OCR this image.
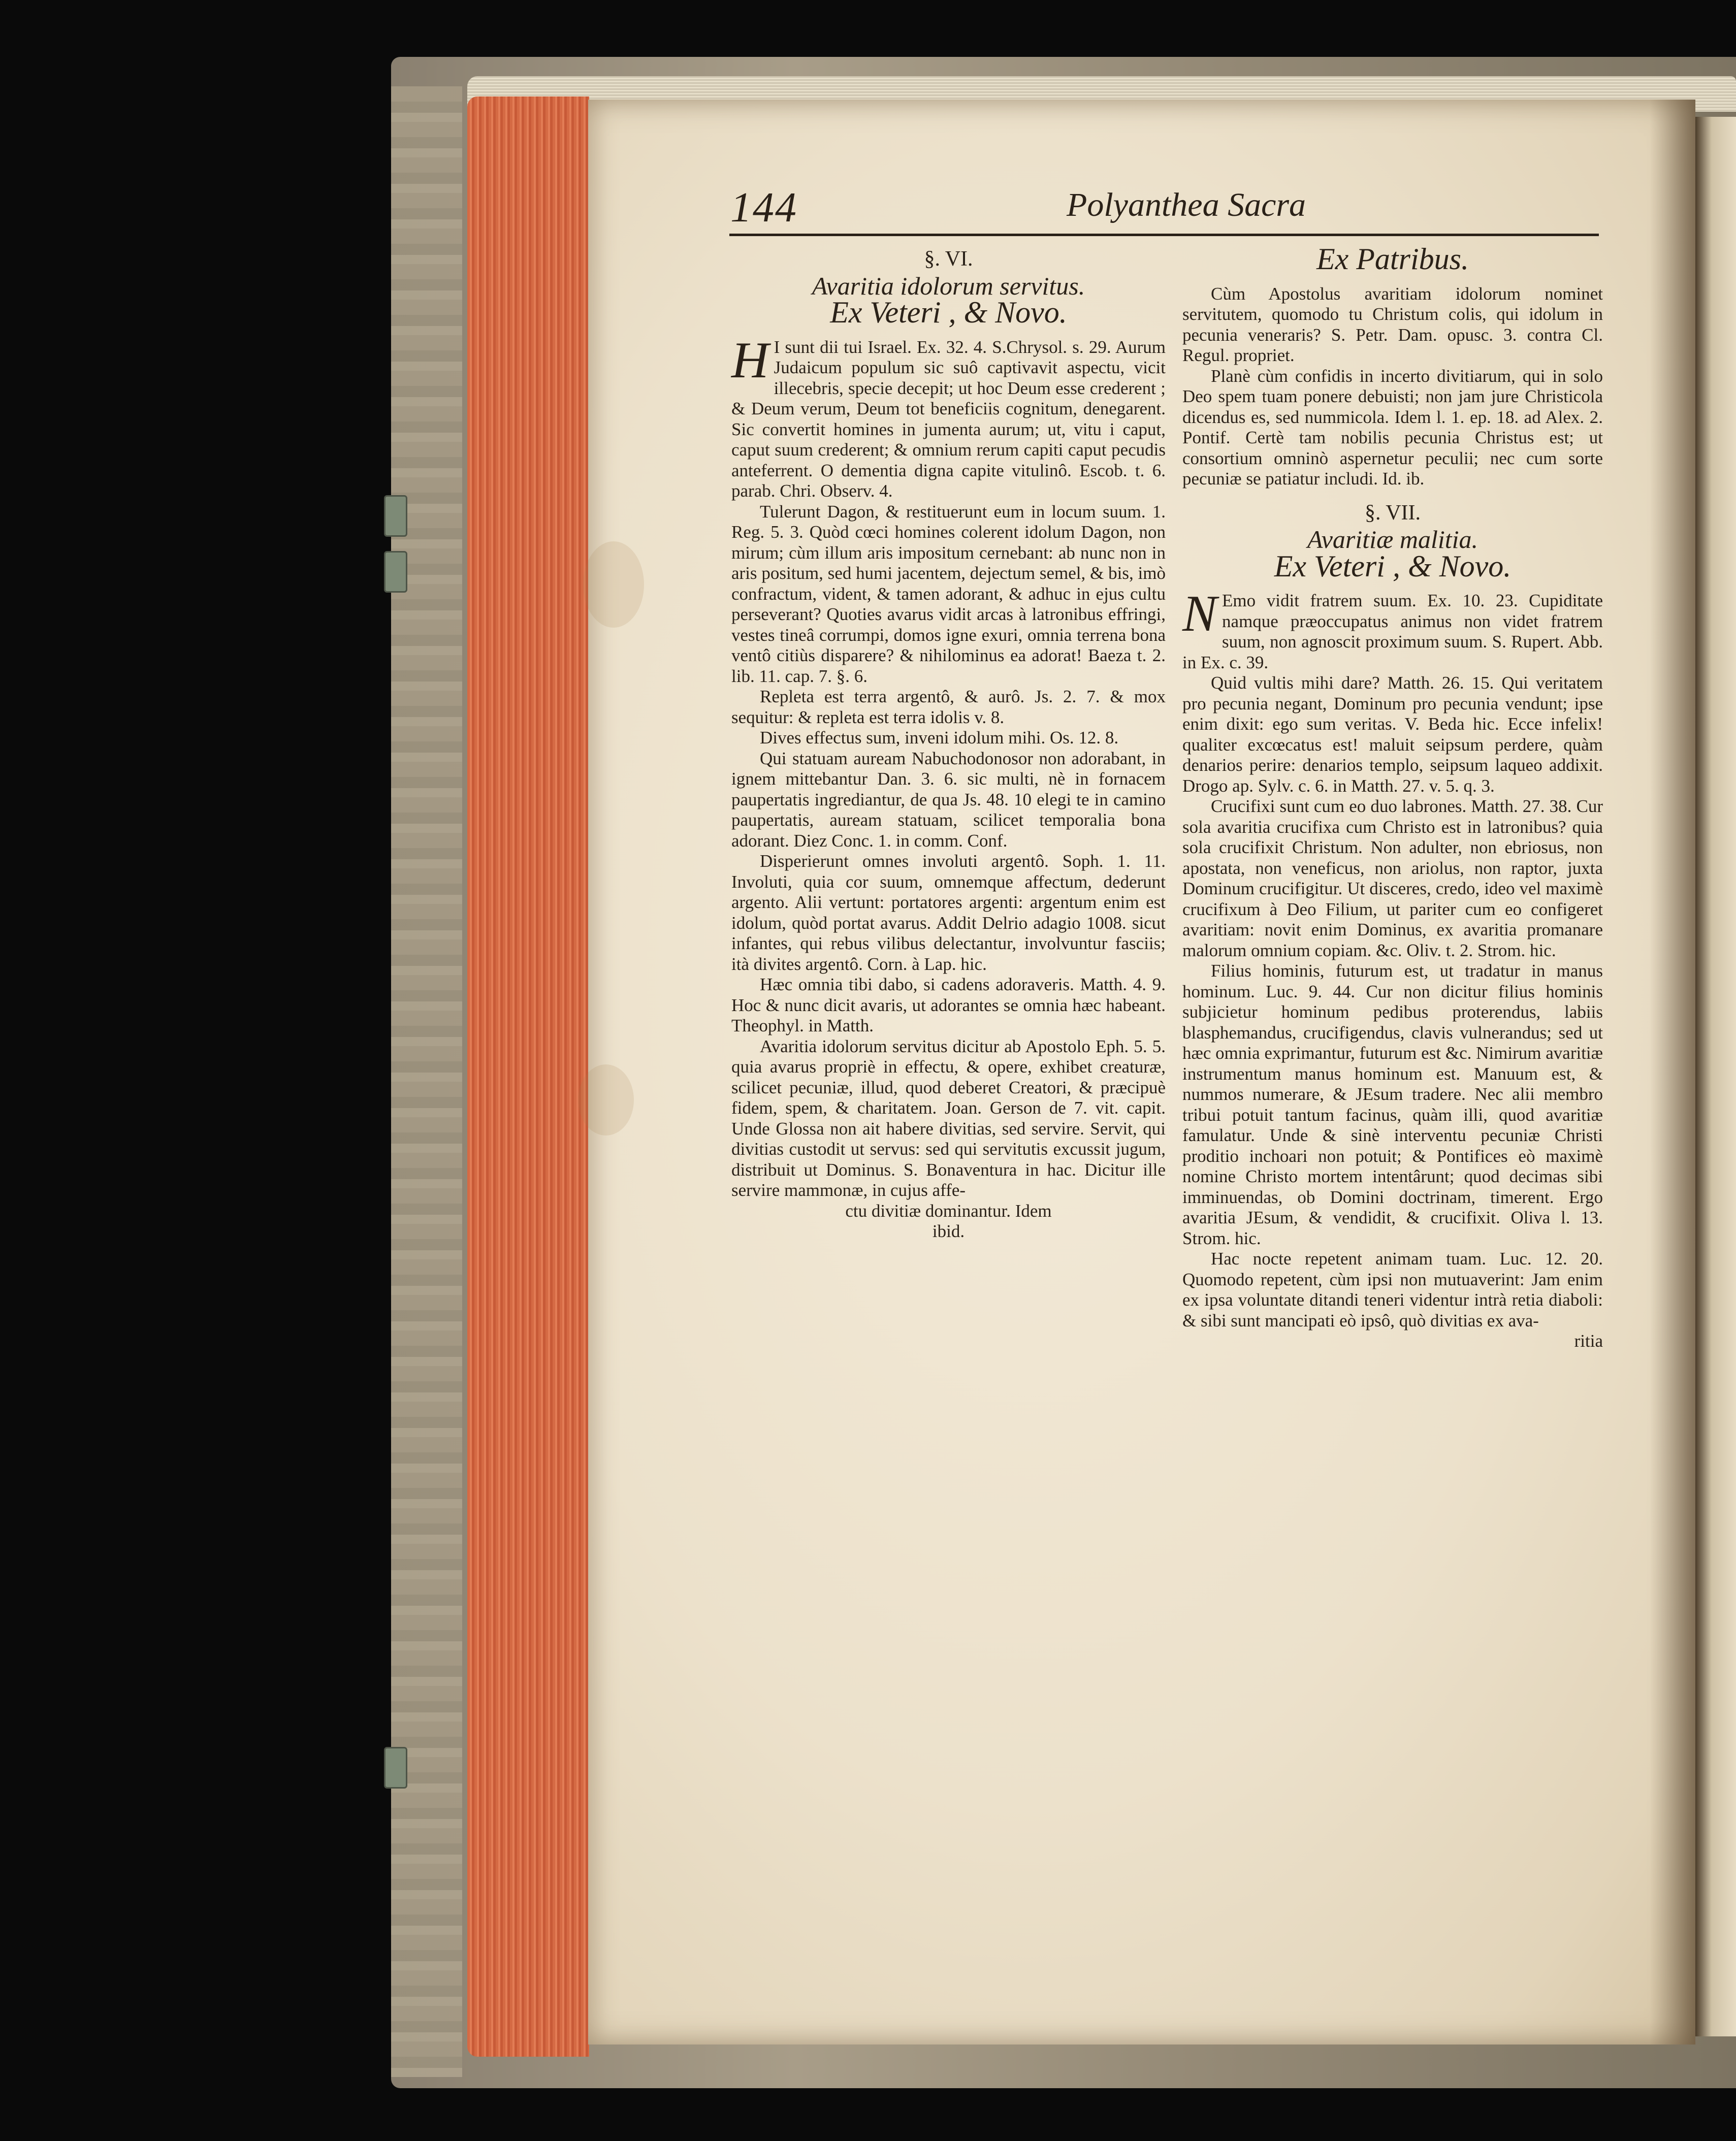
144	Polyanthea Sacra
§. VI.
Avaritia idolorum servitus.
Ex Veteri , & Novo.

H I sunt dii tui Israel. Ex. 32. 4. S.Chrysol. s. 29. Aurum Judaicum populum sic suô captivavit aspectu, vicit illecebris, specie decepit; ut hoc Deum esse crederent ; & Deum verum, Deum tot beneficiis cognitum, denegarent. Sic convertit homines in jumenta aurum; ut, vitu i caput, caput suum crederent; & omnium rerum capiti caput pecudis anteferrent. O dementia digna capite vitulinô. Escob. t. 6. parab. Chri. Observ. 4.

Tulerunt Dagon, & restituerunt eum in locum suum. 1. Reg. 5. 3. Quòd cœci homines colerent idolum Dagon, non mirum; cùm illum aris impositum cernebant: ab nunc non in aris positum, sed humi jacentem, dejectum semel, & bis, imò confractum, vident, & tamen adorant, & adhuc in ejus cultu perseverant? Quoties avarus vidit arcas à latronibus effringi, vestes tineâ corrumpi, domos igne exuri, omnia terrena bona ventô citiùs disparere? & nihilominus ea adorat! Baeza t. 2. lib. 11. cap. 7. §. 6.

Repleta est terra argentô, & aurô. Js. 2. 7. & mox sequitur: & repleta est terra idolis v. 8.

Dives effectus sum, inveni idolum mihi. Os. 12. 8.

Qui statuam auream Nabuchodonosor non adorabant, in ignem mittebantur Dan. 3. 6. sic multi, nè in fornacem paupertatis ingrediantur, de qua Js. 48. 10 elegi te in camino paupertatis, auream statuam, scilicet temporalia bona adorant. Diez Conc. 1. in comm. Conf.

Disperierunt omnes involuti argentô. Soph. 1. 11. Involuti, quia cor suum, omnemque affectum, dederunt argento. Alii vertunt: portatores argenti: argentum enim est idolum, quòd portat avarus. Addit Delrio adagio 1008. sicut infantes, qui rebus vilibus delectantur, involvuntur fasciis; ità divites argentô. Corn. à Lap. hic.

Hæc omnia tibi dabo, si cadens adoraveris. Matth. 4. 9. Hoc & nunc dicit avaris, ut adorantes se omnia hæc habeant. Theophyl. in Matth.

Avaritia idolorum servitus dicitur ab Apostolo Eph. 5. 5. quia avarus propriè in effectu, & opere, exhibet creaturæ, scilicet pecuniæ, illud, quod deberet Creatori, & præcipuè fidem, spem, & charitatem. Joan. Gerson de 7. vit. capit. Unde Glossa non ait habere divitias, sed servire. Servit, qui divitias custodit ut servus: sed qui servitutis excussit jugum, distribuit ut Dominus. S. Bonaventura in hac. Dicitur ille servire mammonæ, in cujus affe-

ctu divitiæ dominantur. Idem

ibid.

Ex Patribus.

Cùm Apostolus avaritiam idolorum nominet servitutem, quomodo tu Christum colis, qui idolum in pecunia veneraris? S. Petr. Dam. opusc. 3. contra Cl. Regul. propriet.

Planè cùm confidis in incerto divitiarum, qui in solo Deo spem tuam ponere debuisti; non jam jure Christicola dicendus es, sed nummicola. Idem l. 1. ep. 18. ad Alex. 2. Pontif. Certè tam nobilis pecunia Christus est; ut consortium omninò aspernetur peculii; nec cum sorte pecuniæ se patiatur includi. Id. ib.

§. VII.
Avaritiæ malitia.
Ex Veteri , & Novo.

N Emo vidit fratrem suum. Ex. 10. 23. Cupiditate namque præoccupatus animus non videt fratrem suum, non agnoscit proximum suum. S. Rupert. Abb. in Ex. c. 39.

Quid vultis mihi dare? Matth. 26. 15. Qui veritatem pro pecunia negant, Dominum pro pecunia vendunt; ipse enim dixit: ego sum veritas. V. Beda hic. Ecce infelix! qualiter excœcatus est! maluit seipsum perdere, quàm denarios perire: denarios templo, seipsum laqueo addixit. Drogo ap. Sylv. c. 6. in Matth. 27. v. 5. q. 3.

Crucifixi sunt cum eo duo labrones. Matth. 27. 38. Cur sola avaritia crucifixa cum Christo est in latronibus? quia sola crucifixit Christum. Non adulter, non ebriosus, non apostata, non veneficus, non ariolus, non raptor, juxta Dominum crucifigitur. Ut disceres, credo, ideo vel maximè crucifixum à Deo Filium, ut pariter cum eo configeret avaritiam: novit enim Dominus, ex avaritia promanare malorum omnium copiam. &c. Oliv. t. 2. Strom. hic.

Filius hominis, futurum est, ut tradatur in manus hominum. Luc. 9. 44. Cur non dicitur filius hominis subjicietur hominum pedibus proterendus, labiis blasphemandus, crucifigendus, clavis vulnerandus; sed ut hæc omnia exprimantur, futurum est &c. Nimirum avaritiæ instrumentum manus hominum est. Manuum est, & nummos numerare, & JEsum tradere. Nec alii membro tribui potuit tantum facinus, quàm illi, quod avaritiæ famulatur. Unde & sinè interventu pecuniæ Christi proditio inchoari non potuit; & Pontifices eò maximè nomine Christo mortem intentârunt; quod decimas sibi imminuendas, ob Domini doctrinam, timerent. Ergo avaritia JEsum, & vendidit, & crucifixit. Oliva l. 13. Strom. hic.

Hac nocte repetent animam tuam. Luc. 12. 20. Quomodo repetent, cùm ipsi non mutuaverint: Jam enim ex ipsa voluntate ditandi teneri videntur intrà retia diaboli: & sibi sunt mancipati eò ipsô, quò divitias ex ava-

ritia
